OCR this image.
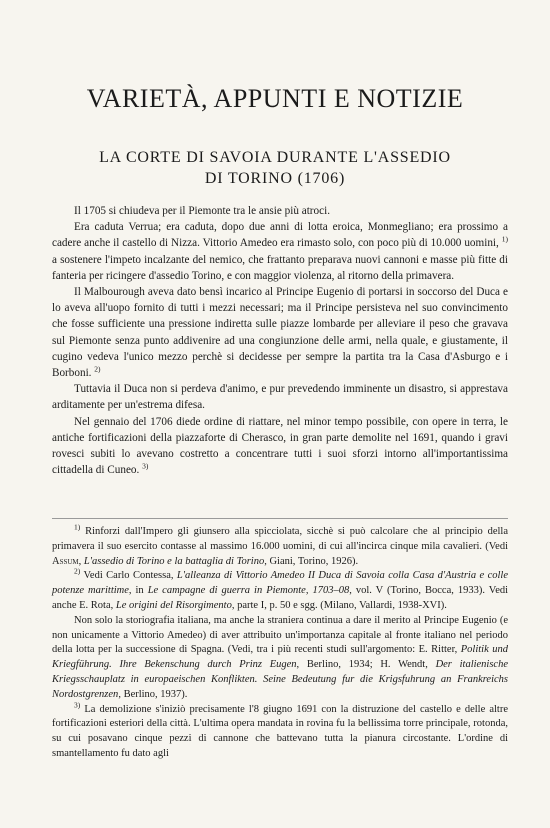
VARIETÀ, APPUNTI E NOTIZIE
LA CORTE DI SAVOIA DURANTE L'ASSEDIO
DI TORINO (1706)

Il 1705 si chiudeva per il Piemonte tra le ansie più atroci.

Era caduta Verrua; era caduta, dopo due anni di lotta eroica, Monmegliano; era prossimo a cadere anche il castello di Nizza. Vittorio Amedeo era rimasto solo, con poco più di 10.000 uomini, $^{1)}$ a sostenere l'impeto incalzante del nemico, che frattanto preparava nuovi cannoni e masse più fitte di fanteria per ricingere d'assedio Torino, e con maggior violenza, al ritorno della primavera.

Il Malbourough aveva dato bensì incarico al Principe Eugenio di portarsi in soccorso del Duca e lo aveva all'uopo fornito di tutti i mezzi necessari; ma il Principe persisteva nel suo convincimento che fosse sufficiente una pressione indiretta sulle piazze lombarde per alleviare il peso che gravava sul Piemonte senza punto addivenire ad una congiunzione delle armi, nella quale, e giustamente, il cugino vedeva l'unico mezzo perchè si decidesse per sempre la partita tra la Casa d'Asburgo e i Borboni. $^{2)}$

Tuttavia il Duca non si perdeva d'animo, e pur prevedendo imminente un disastro, si apprestava arditamente per un'estrema difesa.

Nel gennaio del 1706 diede ordine di riattare, nel minor tempo possibile, con opere in terra, le antiche fortificazioni della piazzaforte di Cherasco, in gran parte demolite nel 1691, quando i gravi rovesci subiti lo avevano costretto a concentrare tutti i suoi sforzi intorno all'importantissima cittadella di Cuneo. $^{3)}$

$^{1)}$ Rinforzi dall'Impero gli giunsero alla spicciolata, sicchè si può calcolare che al principio della primavera il suo esercito contasse al massimo 16.000 uomini, di cui all'incirca cinque mila cavalieri. (Vedi Assum, L'assedio di Torino e la battaglia di Torino, Giani, Torino, 1926).

$^{2)}$ Vedi Carlo Contessa, L'alleanza di Vittorio Amedeo II Duca di Savoia colla Casa d'Austria e colle potenze marittime, in Le campagne di guerra in Piemonte, 1703–08, vol. V (Torino, Bocca, 1933). Vedi anche E. Rota, Le origini del Risorgimento, parte I, p. 50 e sgg. (Milano, Vallardi, 1938-XVI).

Non solo la storiografia italiana, ma anche la straniera continua a dare il merito al Principe Eugenio (e non unicamente a Vittorio Amedeo) di aver attribuito un'importanza capitale al fronte italiano nel periodo della lotta per la successione di Spagna. (Vedi, tra i più recenti studi sull'argomento: E. Ritter, Politik und Kriegführung. Ihre Bekenschung durch Prinz Eugen, Berlino, 1934; H. Wendt, Der italienische Kriegsschauplatz in europaeischen Konflikten. Seine Bedeutung fur die Krigsfuhrung an Frankreichs Nordostgrenzen, Berlino, 1937).

$^{3)}$ La demolizione s'iniziò precisamente l'8 giugno 1691 con la distruzione del castello e delle altre fortificazioni esteriori della città. L'ultima opera mandata in rovina fu la bellissima torre principale, rotonda, su cui posavano cinque pezzi di cannone che battevano tutta la pianura circostante. L'ordine di smantellamento fu dato agli
